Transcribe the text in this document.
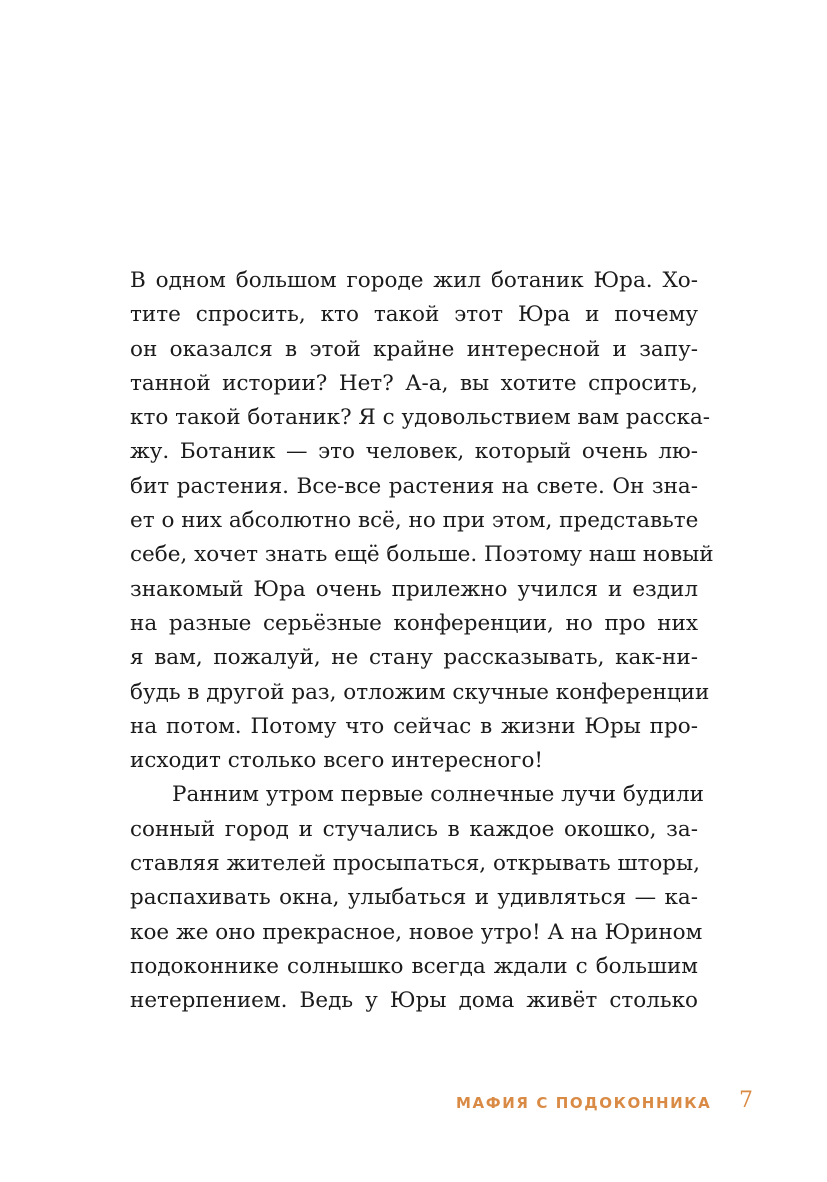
В одном большом городе жил ботаник Юра. Хо-
тите спросить, кто такой этот Юра и почему
он оказался в этой крайне интересной и запу-
танной истории? Нет? А-а, вы хотите спросить,
кто такой ботаник? Я с удовольствием вам расска-
жу. Ботаник — это человек, который очень лю-
бит растения. Все-все растения на свете. Он зна-
ет о них абсолютно всё, но при этом, представьте
себе, хочет знать ещё больше. Поэтому наш новый
знакомый Юра очень прилежно учился и ездил
на разные серьёзные конференции, но про них
я вам, пожалуй, не стану рассказывать, как-ни-
будь в другой раз, отложим скучные конференции
на потом. Потому что сейчас в жизни Юры про-
исходит столько всего интересного!
Ранним утром первые солнечные лучи будили
сонный город и стучались в каждое окошко, за-
ставляя жителей просыпаться, открывать шторы,
распахивать окна, улыбаться и удивляться — ка-
кое же оно прекрасное, новое утро! А на Юрином
подоконнике солнышко всегда ждали с большим
нетерпением. Ведь у Юры дома живёт столько
МАФИЯ С ПОДОКОННИКА 7
